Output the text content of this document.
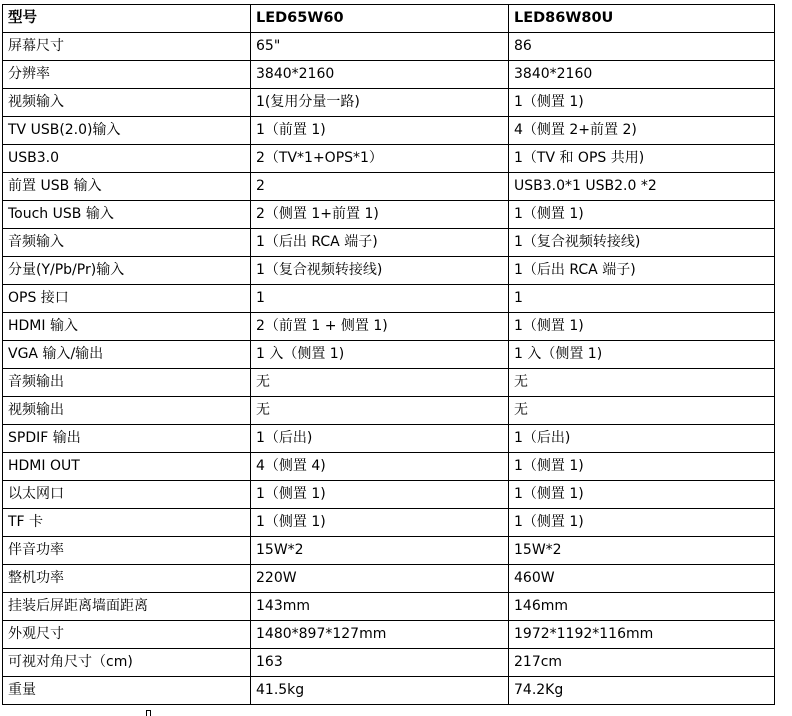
型号	LED65W60	LED86W80U
屏幕尺寸	65"	86
分辨率	3840*2160	3840*2160
视频输入	1(复用分量一路)	1（侧置 1)
TV USB(2.0)输入	1（前置 1)	4（侧置 2+前置 2)
USB3.0	2（TV*1+OPS*1）	1（TV 和 OPS 共用)
前置 USB 输入	2	USB3.0*1 USB2.0 *2
Touch USB 输入	2（侧置 1+前置 1)	1（侧置 1)
音频输入	1（后出 RCA 端子)	1（复合视频转接线)
分量(Y/Pb/Pr)输入	1（复合视频转接线)	1（后出 RCA 端子)
OPS 接口	1	1
HDMI 输入	2（前置 1 + 侧置 1)	1（侧置 1)
VGA 输入/输出	1 入（侧置 1)	1 入（侧置 1)
音频输出	无	无
视频输出	无	无
SPDIF 输出	1（后出)	1（后出)
HDMI OUT	4（侧置 4)	1（侧置 1)
以太网口	1（侧置 1)	1（侧置 1)
TF 卡	1（侧置 1)	1（侧置 1)
伴音功率	15W*2	15W*2
整机功率	220W	460W
挂装后屏距离墙面距离	143mm	146mm
外观尺寸	1480*897*127mm	1972*1192*116mm
可视对角尺寸（cm)	163	217cm
重量	41.5kg	74.2Kg
